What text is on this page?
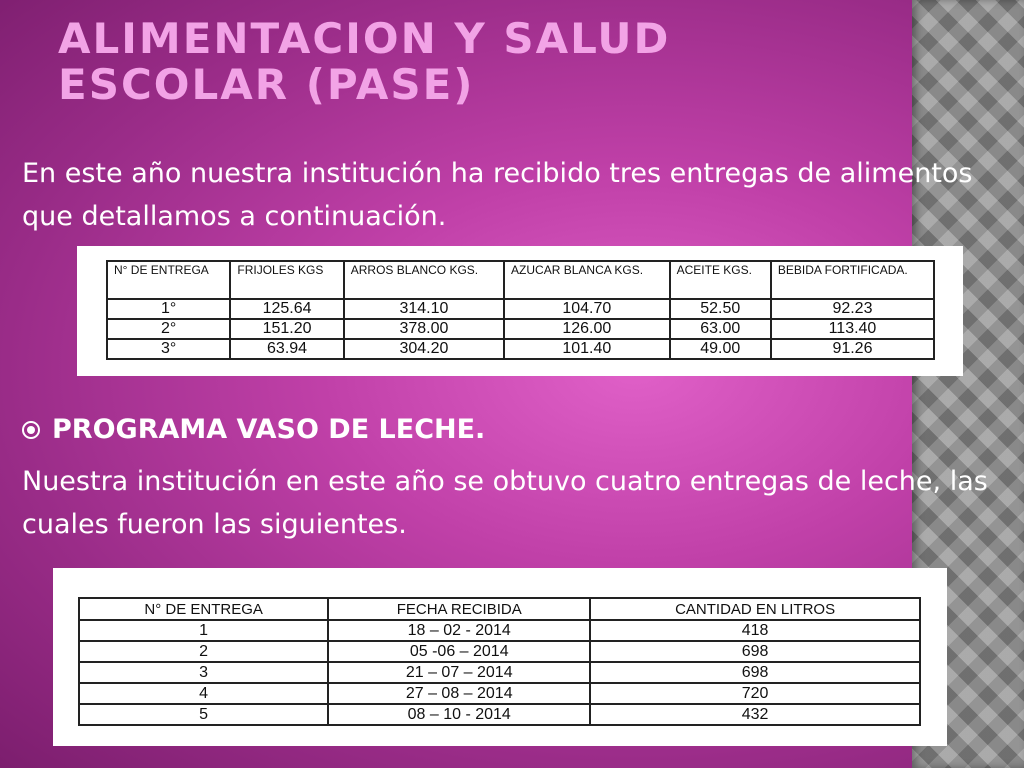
ALIMENTACION Y SALUD ESCOLAR (PASE)

En este año nuestra institución ha recibido tres entregas de alimentos que detallamos a continuación.

N° DE ENTREGA	FRIJOLES KGS	ARROS BLANCO KGS.	AZUCAR BLANCA KGS.	ACEITE KGS.	BEBIDA FORTIFICADA.
1°	125.64	314.10	104.70	52.50	92.23
2°	151.20	378.00	126.00	63.00	113.40
3°	63.94	304.20	101.40	49.00	91.26
PROGRAMA VASO DE LECHE.

Nuestra institución en este año se obtuvo cuatro entregas de leche, las cuales fueron las siguientes.

N° DE ENTREGA	FECHA RECIBIDA	CANTIDAD EN LITROS
1	18 – 02 - 2014	418
2	05 -06 – 2014	698
3	21 – 07 – 2014	698
4	27 – 08 – 2014	720
5	08 – 10 - 2014	432
